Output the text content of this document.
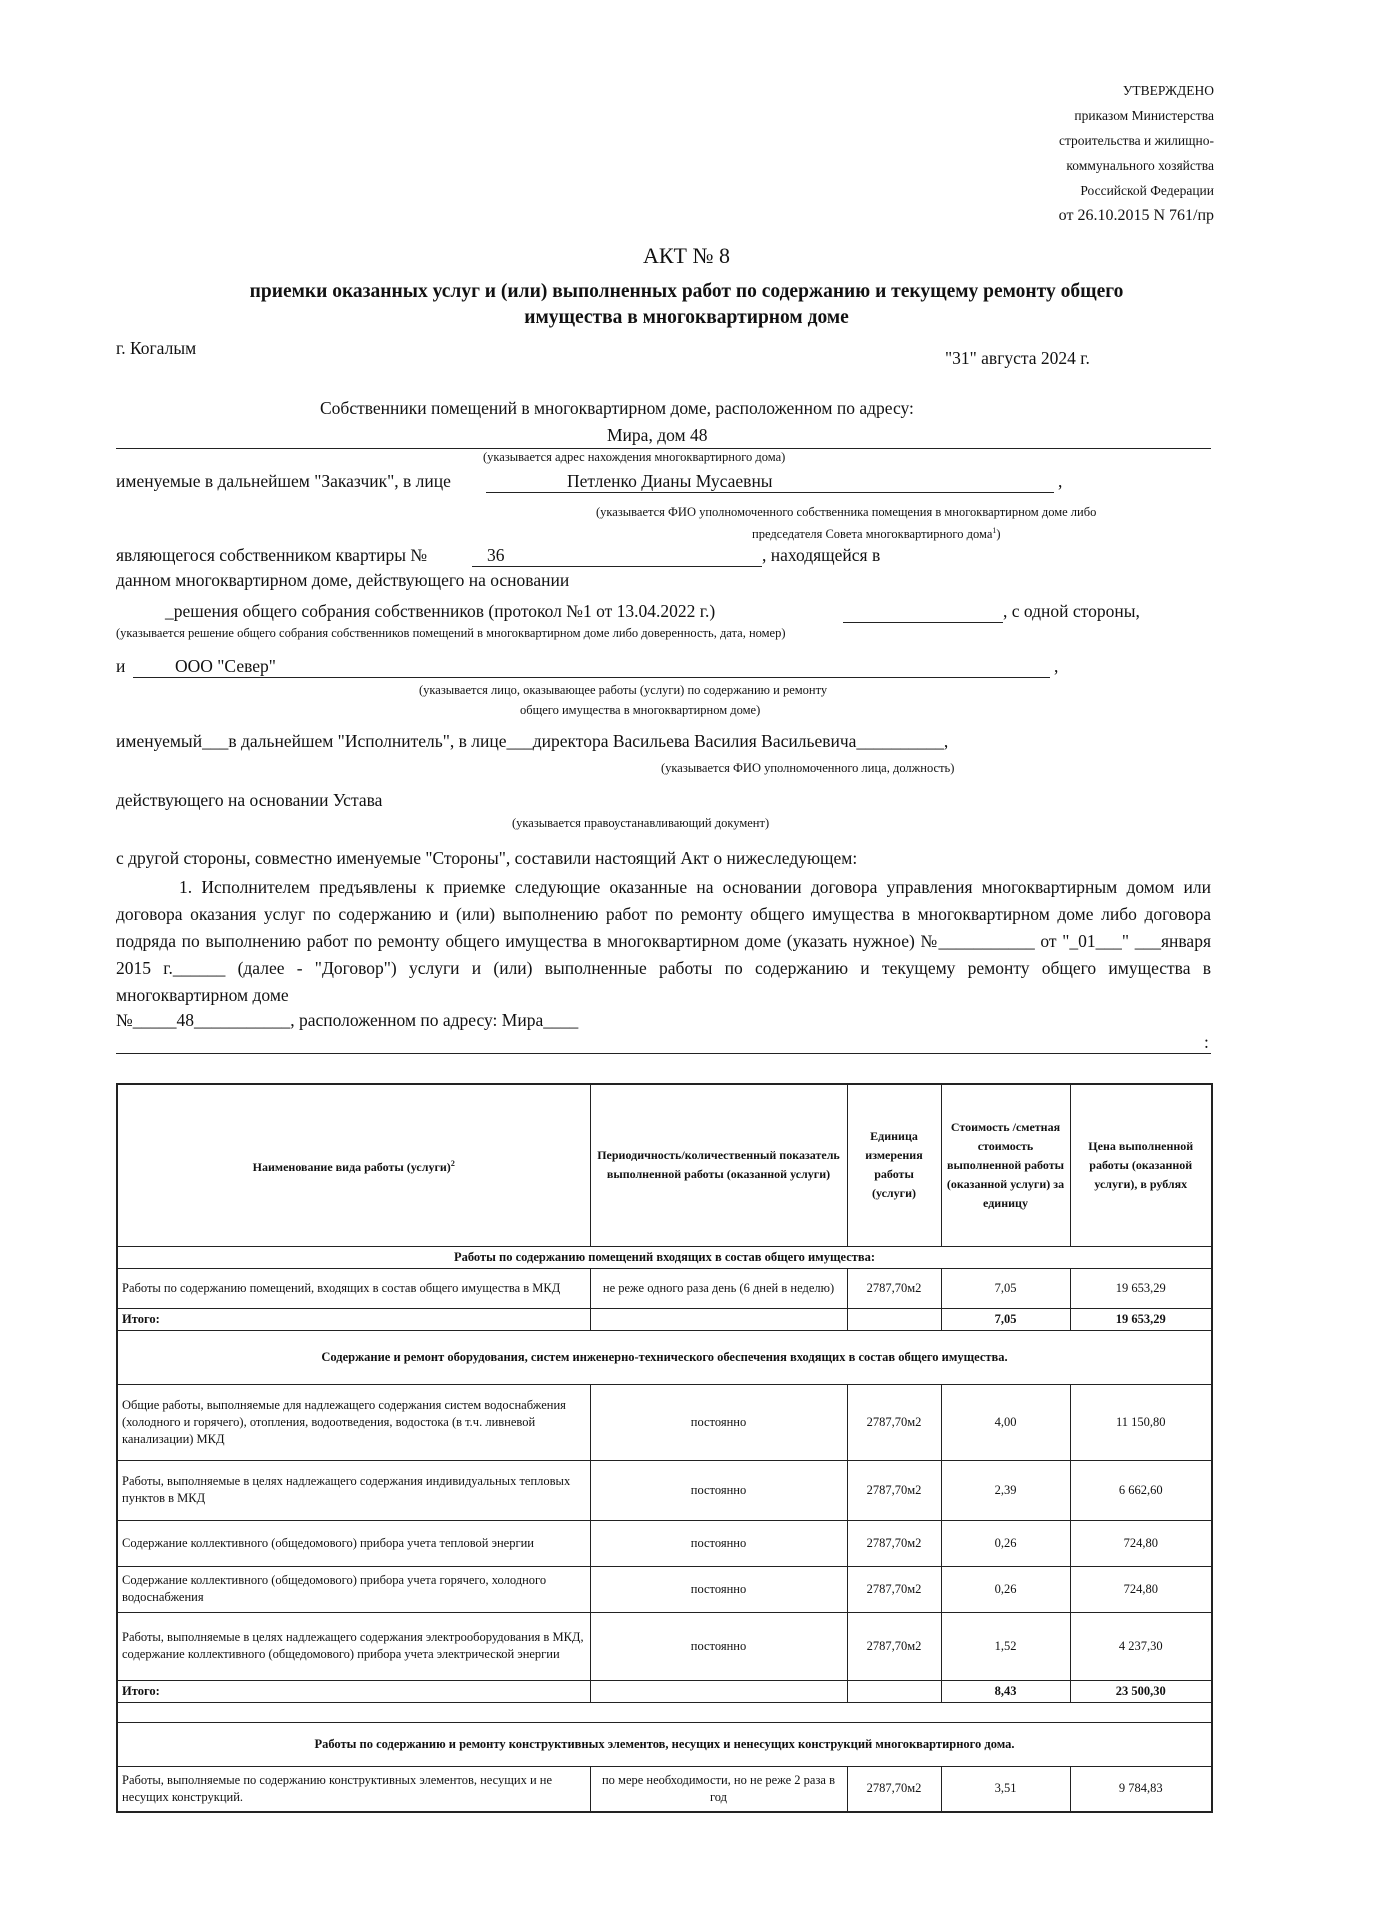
УТВЕРЖДЕНО
приказом Министерства
строительства и жилищно-
коммунального хозяйства
Российской Федерации
от 26.10.2015 N 761/пр
АКТ № 8
приемки оказанных услуг и (или) выполненных работ по содержанию и текущему ремонту общего
имущества в многоквартирном доме
г. Когалым	"31" августа 2024 г.
Собственники помещений в многоквартирном доме, расположенном по адресу:
Мира, дом 48
(указывается адрес нахождения многоквартирного дома)
именуемые в дальнейшем "Заказчик", в лице	Петленко Дианы Мусаевны	,
(указывается ФИО уполномоченного собственника помещения в многоквартирном доме либо
председателя Совета многоквартирного дома$^1$)
являющегося собственником квартиры №	36	, находящейся в
данном многоквартирном доме, действующего на основании
_решения общего собрания собственников (протокол №1 от 13.04.2022 г.)	, с одной стороны,
(указывается решение общего собрания собственников помещений в многоквартирном доме либо доверенность, дата, номер)
и	ООО "Север"	,
(указывается лицо, оказывающее работы (услуги) по содержанию и ремонту
общего имущества в многоквартирном доме)
именуемый___в дальнейшем "Исполнитель", в лице___директора Васильева Василия Васильевича__________,
(указывается ФИО уполномоченного лица, должность)
действующего на основании Устава
(указывается правоустанавливающий документ)
с другой стороны, совместно именуемые "Стороны", составили настоящий Акт о нижеследующем:
1. Исполнителем предъявлены к приемке следующие оказанные на основании договора управления многоквартирным домом или договора оказания услуг по содержанию и (или) выполнению работ по ремонту общего имущества в многоквартирном доме либо договора подряда по выполнению работ по ремонту общего имущества в многоквартирном доме (указать нужное) №___________ от "_01___" ___января 2015 г.______ (далее - "Договор") услуги и (или) выполненные работы по содержанию и текущему ремонту общего имущества в многоквартирном доме
№_____48___________, расположенном по адресу: Мира____
:
Наименование вида работы (услуги)$^2$	Периодичность/количественный показатель выполненной работы (оказанной услуги)	Единица измерения работы (услуги)	Стоимость /сметная стоимость выполненной работы (оказанной услуги) за единицу	Цена выполненной работы (оказанной услуги), в рублях
Работы по содержанию помещений входящих в состав общего имущества:				
Работы по содержанию помещений, входящих в состав общего имущества в МКД	не реже одного раза день (6 дней в неделю)	2787,70м2	7,05	19 653,29
Итого:			7,05	19 653,29
Содержание и ремонт оборудования, систем инженерно-технического обеспечения входящих в состав общего имущества.				
Общие работы, выполняемые для надлежащего содержания систем водоснабжения (холодного и горячего), отопления, водоотведения, водостока (в т.ч. ливневой канализации) МКД	постоянно	2787,70м2	4,00	11 150,80
Работы, выполняемые в целях надлежащего содержания индивидуальных тепловых пунктов в МКД	постоянно	2787,70м2	2,39	6 662,60
Содержание коллективного (общедомового) прибора учета тепловой энергии	постоянно	2787,70м2	0,26	724,80
Содержание коллективного (общедомового) прибора учета горячего, холодного водоснабжения	постоянно	2787,70м2	0,26	724,80
Работы, выполняемые в целях надлежащего содержания электрооборудования в МКД, содержание коллективного (общедомового) прибора учета электрической энергии	постоянно	2787,70м2	1,52	4 237,30
Итого:			8,43	23 500,30

Работы по содержанию и ремонту конструктивных элементов, несущих и ненесущих конструкций многоквартирного дома.				
Работы, выполняемые по содержанию конструктивных элементов, несущих и не несущих конструкций.	по мере необходимости, но не реже 2 раза в год	2787,70м2	3,51	9 784,83
